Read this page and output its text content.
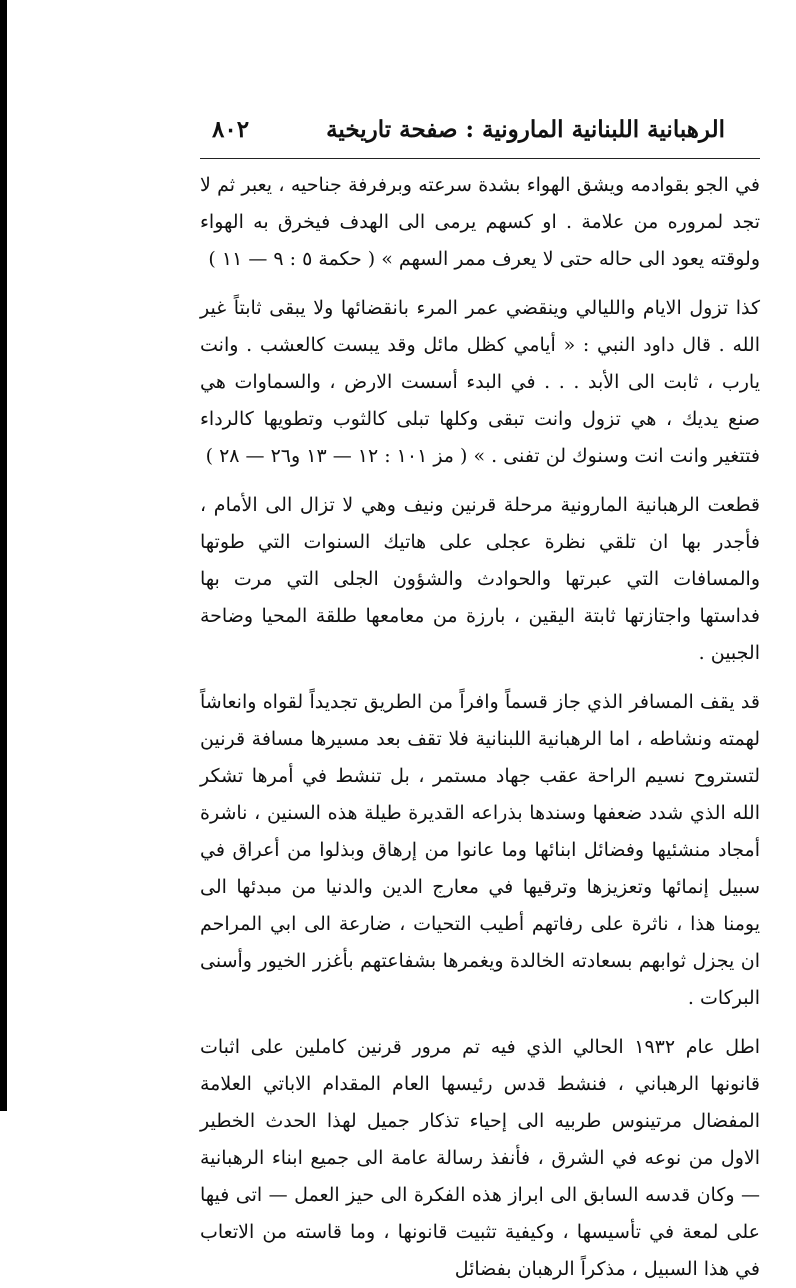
الرهبانية اللبنانية المارونية : صفحة تاريخية
٨٠٢

في الجو بقوادمه ويشق الهواء بشدة سرعته وبرفرفة جناحيه ، يعبر ثم لا تجد لمروره من علامة . او كسهم يرمى الى الهدف فيخرق به الهواء ولوقته يعود الى حاله حتى لا يعرف ممر السهم » ( حكمة ٥ : ٩ — ١١ )

كذا تزول الايام والليالي وينقضي عمر المرء بانقضائها ولا يبقى ثابتاً غير الله . قال داود النبي : « أيامي كظل مائل وقد يبست كالعشب . وانت يارب ، ثابت الى الأبد . . . في البدء أسست الارض ، والسماوات هي صنع يديك ، هي تزول وانت تبقى وكلها تبلى كالثوب وتطويها كالرداء فتتغير وانت انت وسنوك لن تفنى . » ( مز ١٠١ : ١٢ — ١٣ و٢٦ — ٢٨ )

قطعت الرهبانية المارونية مرحلة قرنين ونيف وهي لا تزال الى الأمام ، فأجدر بها ان تلقي نظرة عجلى على هاتيك السنوات التي طوتها والمسافات التي عبرتها والحوادث والشؤون الجلى التي مرت بها فداستها واجتازتها ثابتة اليقين ، بارزة من معامعها طلقة المحيا وضاحة الجبين .

قد يقف المسافر الذي جاز قسماً وافراً من الطريق تجديداً لقواه وانعاشاً لهمته ونشاطه ، اما الرهبانية اللبنانية فلا تقف بعد مسيرها مسافة قرنين لتستروح نسيم الراحة عقب جهاد مستمر ، بل تنشط في أمرها تشكر الله الذي شدد ضعفها وسندها بذراعه القديرة طيلة هذه السنين ، ناشرة أمجاد منشئيها وفضائل ابنائها وما عانوا من إرهاق وبذلوا من أعراق في سبيل إنمائها وتعزيزها وترقيها في معارج الدين والدنيا من مبدئها الى يومنا هذا ، ناثرة على رفاتهم أطيب التحيات ، ضارعة الى ابي المراحم ان يجزل ثوابهم بسعادته الخالدة ويغمرها بشفاعتهم بأغزر الخيور وأسنى البركات .

اطل عام ١٩٣٢ الحالي الذي فيه تم مرور قرنين كاملين على اثبات قانونها الرهباني ، فنشط قدس رئيسها العام المقدام الاباتي العلامة المفضال مرتينوس طربيه الى إحياء تذكار جميل لهذا الحدث الخطير الاول من نوعه في الشرق ، فأنفذ رسالة عامة الى جميع ابناء الرهبانية — وكان قدسه السابق الى ابراز هذه الفكرة الى حيز العمل — اتى فيها على لمعة في تأسيسها ، وكيفية تثبيت قانونها ، وما قاسته من الاتعاب في هذا السبيل ، مذكراً الرهبان بفضائل
